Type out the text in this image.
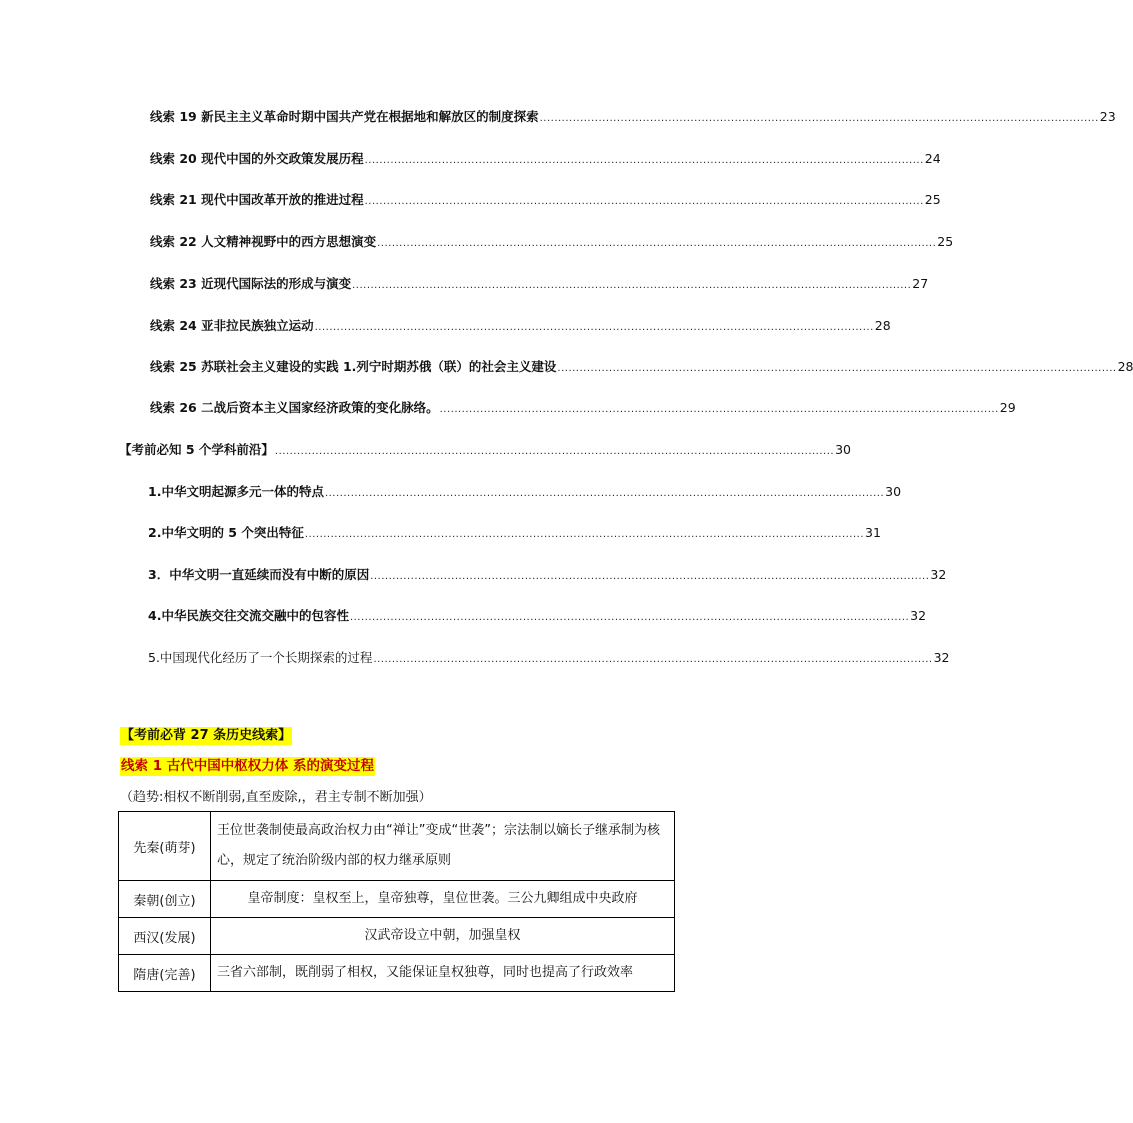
线索 19 新民主主义革命时期中国共产党在根据地和解放区的制度探索 ........................................................................................................................................................ 23
线索 20 现代中国的外交政策发展历程 ........................................................................................................................................................ 24
线索 21 现代中国改革开放的推进过程 ........................................................................................................................................................ 25
线索 22 人文精神视野中的西方思想演变 ........................................................................................................................................................ 25
线索 23 近现代国际法的形成与演变 ........................................................................................................................................................ 27
线索 24 亚非拉民族独立运动 ........................................................................................................................................................ 28
线索 25 苏联社会主义建设的实践 1.列宁时期苏俄（联）的社会主义建设 ........................................................................................................................................................ 28
线索 26 二战后资本主义国家经济政策的变化脉络。 ........................................................................................................................................................ 29
【考前必知 5 个学科前沿】 ........................................................................................................................................................ 30
1.中华文明起源多元一体的特点 ........................................................................................................................................................ 30
2.中华文明的 5 个突出特征 ........................................................................................................................................................ 31
3．中华文明一直延续而没有中断的原因 ........................................................................................................................................................ 32
4.中华民族交往交流交融中的包容性 ........................................................................................................................................................ 32
5.中国现代化经历了一个长期探索的过程 ........................................................................................................................................................ 32
【考前必背 27 条历史线索】
线索 1 古代中国中枢权力体 系的演变过程
（趋势:相权不断削弱,直至废除,，君主专制不断加强）
先秦(萌芽)	王位世袭制使最高政治权力由“禅让”变成“世袭”；宗法制以嫡长子继承制为核心，规定了统治阶级内部的权力继承原则
秦朝(创立)	皇帝制度：皇权至上，皇帝独尊，皇位世袭。三公九卿组成中央政府
西汉(发展)	汉武帝设立中朝，加强皇权
隋唐(完善)	三省六部制，既削弱了相权，又能保证皇权独尊，同时也提高了行政效率
